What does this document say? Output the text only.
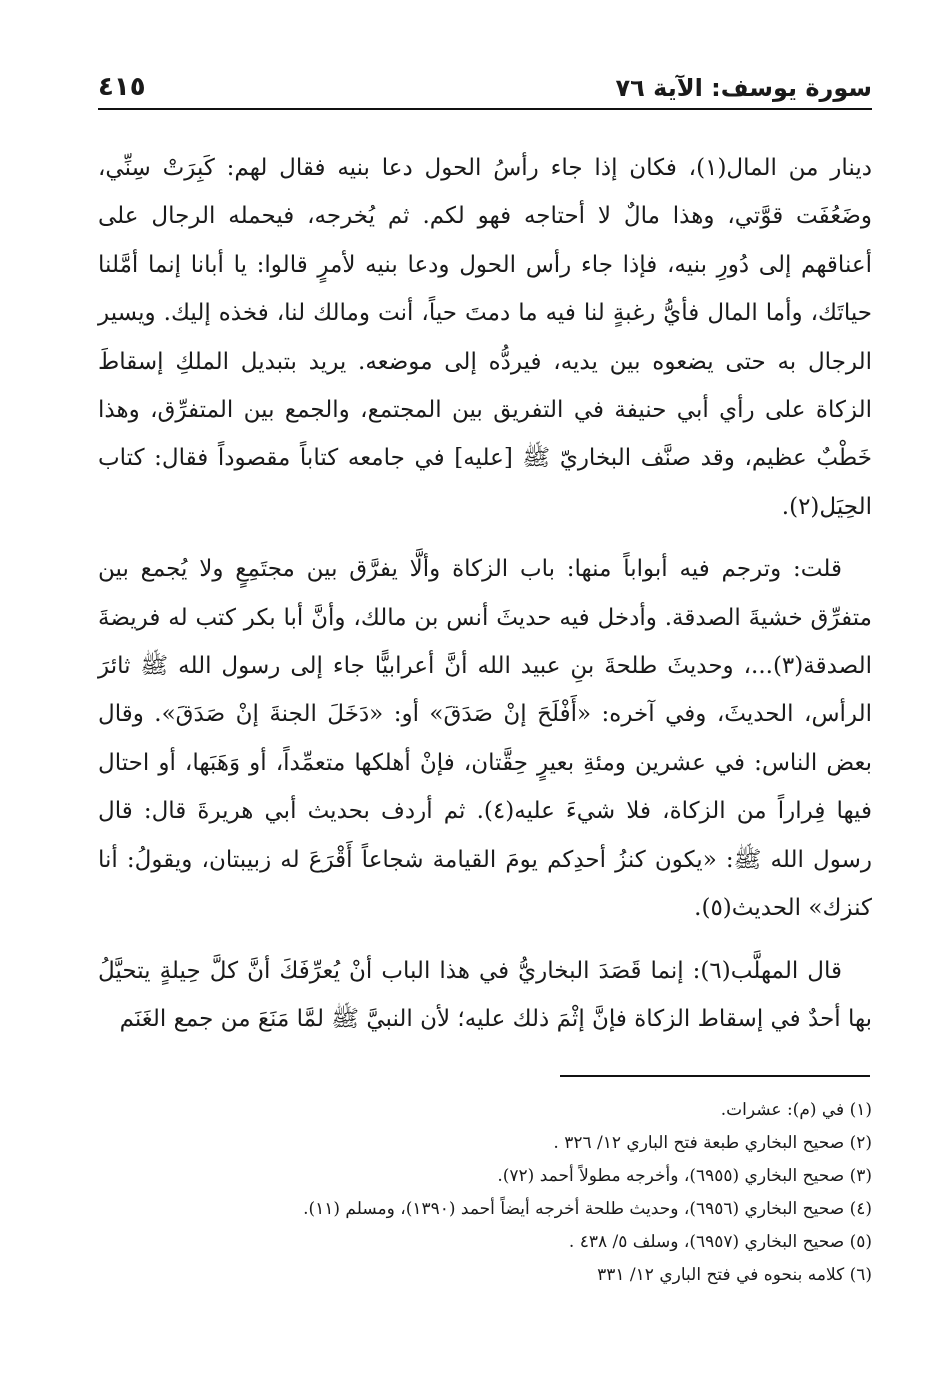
سورة يوسف: الآية ٧٦
٤١٥

دينار من المال(١)، فكان إذا جاء رأسُ الحول دعا بنيه فقال لهم: كَبِرَتْ سِنِّي، وضَعُفَت قوَّتي، وهذا مالٌ لا أحتاجه فهو لكم. ثم يُخرجه، فيحمله الرجال على أعناقهم إلى دُورِ بنيه، فإذا جاء رأس الحول ودعا بنيه لأمرٍ قالوا: يا أبانا إنما أمَّلنا حياتَك، وأما المال فأيُّ رغبةٍ لنا فيه ما دمتَ حياً، أنت ومالك لنا، فخذه إليك. ويسير الرجال به حتى يضعوه بين يديه، فيردُّه إلى موضعه. يريد بتبديل الملكِ إسقاطَ الزكاة على رأي أبي حنيفة في التفريق بين المجتمع، والجمع بين المتفرِّق، وهذا خَطْبٌ عظيم، وقد صنَّف البخاريّ ﷺ [عليه] في جامعه كتاباً مقصوداً فقال: كتاب الحِيَل(٢).

قلت: وترجم فيه أبواباً منها: باب الزكاة وألَّا يفرَّق بين مجتَمِعٍ ولا يُجمع بين متفرِّق خشيةَ الصدقة. وأدخل فيه حديثَ أنس بن مالك، وأنَّ أبا بكر كتب له فريضةَ الصدقة(٣)...، وحديثَ طلحةَ بنِ عبيد الله أنَّ أعرابيًّا جاء إلى رسول الله ﷺ ثائرَ الرأس، الحديثَ، وفي آخره: «أَفْلَحَ إنْ صَدَقَ» أو: «دَخَلَ الجنةَ إنْ صَدَقَ». وقال بعض الناس: في عشرين ومئةِ بعيرٍ حِقَّتان، فإنْ أهلكها متعمِّداً، أو وَهَبَها، أو احتال فيها فِراراً من الزكاة، فلا شيءَ عليه(٤). ثم أردف بحديث أبي هريرةَ قال: قال رسول الله ﷺ: «يكون كنزُ أحدِكم يومَ القيامة شجاعاً أَقْرَعَ له زبيبتان، ويقولُ: أنا كنزك» الحديث(٥).

قال المهلَّب(٦): إنما قَصَدَ البخاريُّ في هذا الباب أنْ يُعرِّفَكَ أنَّ كلَّ حِيلةٍ يتحيَّلُ بها أحدٌ في إسقاط الزكاة فإنَّ إثْمَ ذلك عليه؛ لأن النبيَّ ﷺ لمَّا مَنَعَ من جمع الغَنَم

(١) في (م): عشرات.
(٢) صحيح البخاري طبعة فتح الباري ١٢/ ٣٢٦ .
(٣) صحيح البخاري (٦٩٥٥)، وأخرجه مطولاً أحمد (٧٢).
(٤) صحيح البخاري (٦٩٥٦)، وحديث طلحة أخرجه أيضاً أحمد (١٣٩٠)، ومسلم (١١).
(٥) صحيح البخاري (٦٩٥٧)، وسلف ٥/ ٤٣٨ .
(٦) كلامه بنحوه في فتح الباري ١٢/ ٣٣١
